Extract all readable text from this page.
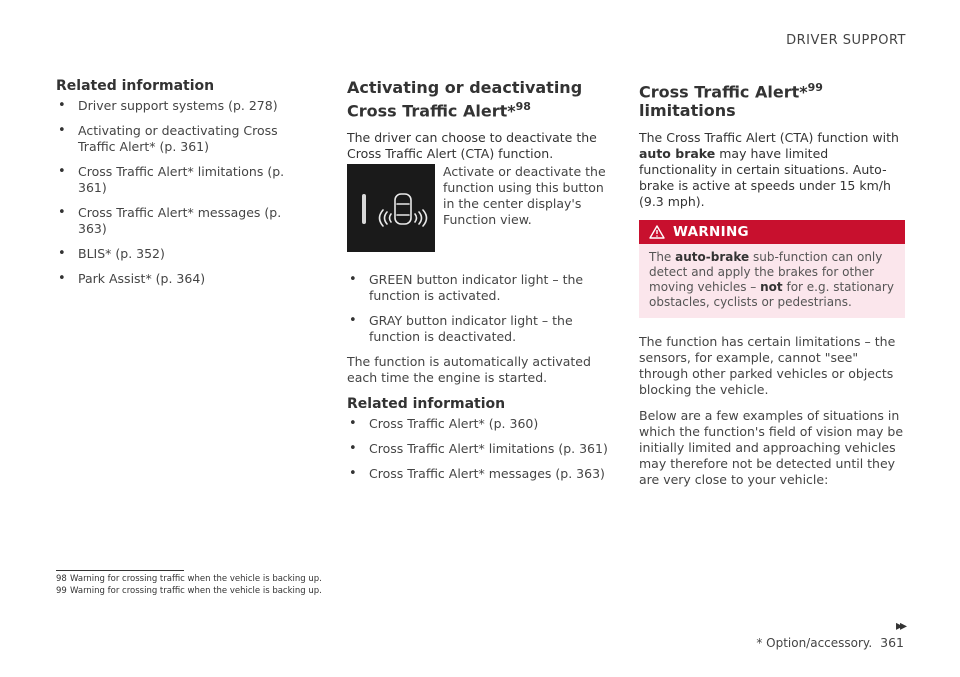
DRIVER SUPPORT
Related information
• Driver support systems (p. 278)
• Activating or deactivating Cross Traffic Alert* (p. 361)
• Cross Traffic Alert* limitations (p. 361)
• Cross Traffic Alert* messages (p. 363)
• BLIS* (p. 352)
• Park Assist* (p. 364)
Activating or deactivating Cross Traffic Alert*$^{98}$

The driver can choose to deactivate the Cross Traffic Alert (CTA) function.

Activate or deactivate the function using this button in the center display's Function view.
• GREEN button indicator light – the function is activated.
• GRAY button indicator light – the function is deactivated.

The function is automatically activated each time the engine is started.

Related information
• Cross Traffic Alert* (p. 360)
• Cross Traffic Alert* limitations (p. 361)
• Cross Traffic Alert* messages (p. 363)
Cross Traffic Alert*$^{99}$ limitations

The Cross Traffic Alert (CTA) function with auto brake may have limited functionality in certain situations. Auto-brake is active at speeds under 15 km/h (9.3 mph).

WARNING
The auto-brake sub-function can only detect and apply the brakes for other moving vehicles – not for e.g. stationary obstacles, cyclists or pedestrians.

The function has certain limitations – the sensors, for example, cannot "see" through other parked vehicles or objects blocking the vehicle.

Below are a few examples of situations in which the function's field of vision may be initially limited and approaching vehicles may therefore not be detected until they are very close to your vehicle:

98 Warning for crossing traffic when the vehicle is backing up.
99 Warning for crossing traffic when the vehicle is backing up.
▸▸
* Option/accessory. 361
